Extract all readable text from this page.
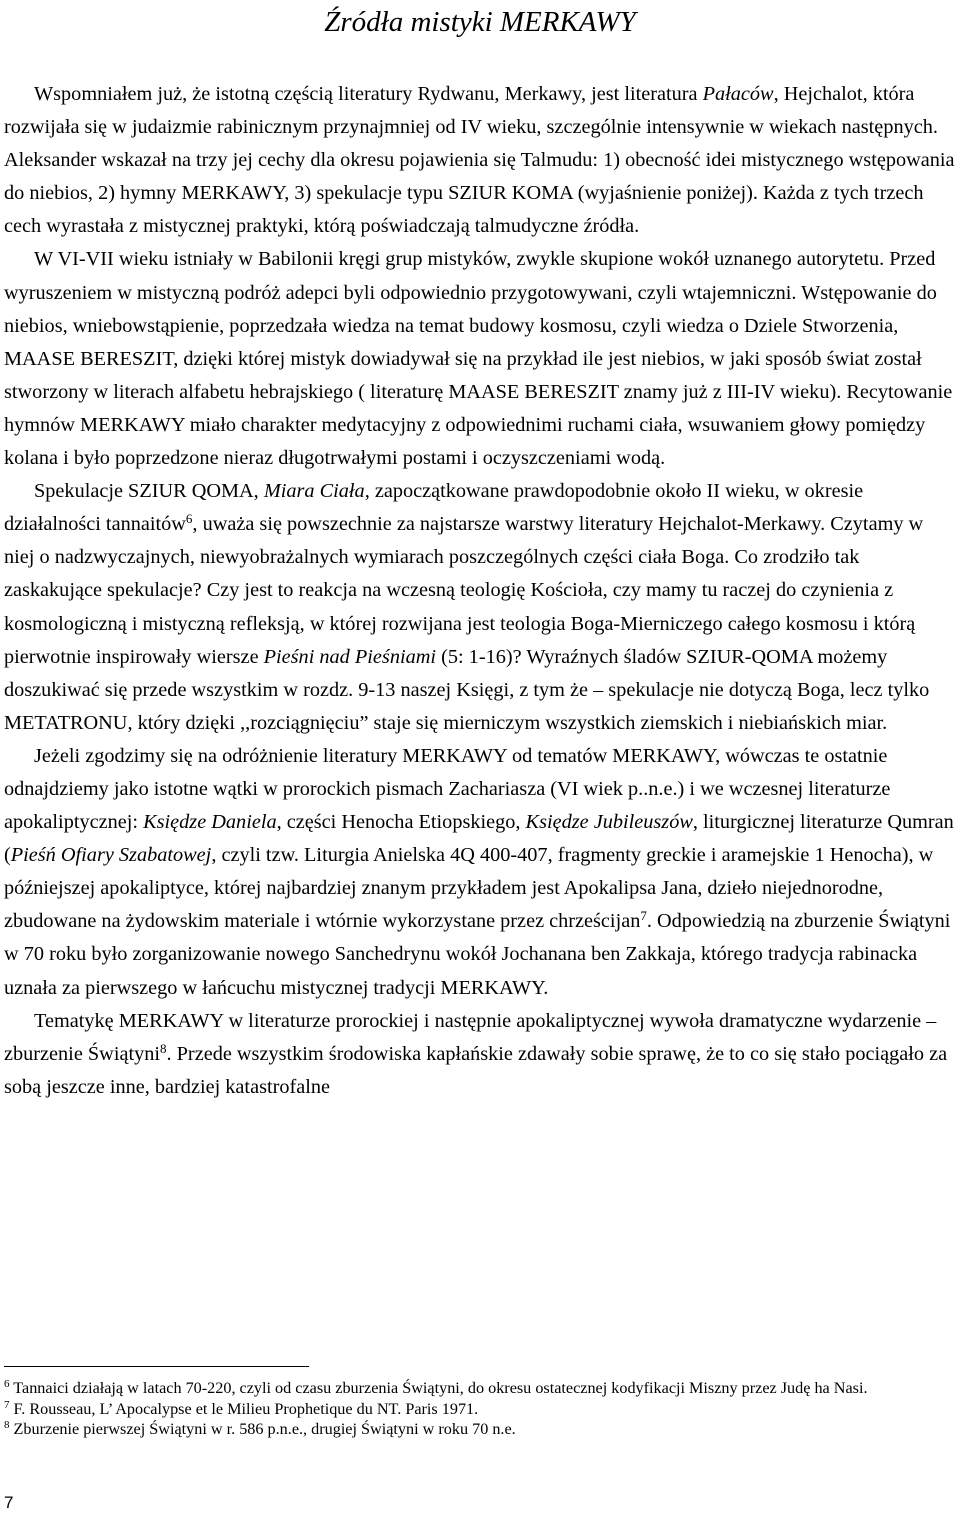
Źródła mistyki MERKAWY

Wspomniałem już, że istotną częścią literatury Rydwanu, Merkawy, jest literatura Pałaców, Hejchalot, która rozwijała się w judaizmie rabinicznym przynajmniej od IV wieku, szczególnie intensywnie w wiekach następnych. Aleksander wskazał na trzy jej cechy dla okresu pojawienia się Talmudu: 1) obecność idei mistycznego wstępowania do niebios, 2) hymny MERKAWY, 3) spekulacje typu SZIUR KOMA (wyjaśnienie poniżej). Każda z tych trzech cech wyrastała z mistycznej praktyki, którą poświadczają talmudyczne źródła.

W VI-VII wieku istniały w Babilonii kręgi grup mistyków, zwykle skupione wokół uznanego autorytetu. Przed wyruszeniem w mistyczną podróż adepci byli odpowiednio przygotowywani, czyli wtajemniczni. Wstępowanie do niebios, wniebowstąpienie, poprzedzała wiedza na temat budowy kosmosu, czyli wiedza o Dziele Stworzenia, MAASE BERESZIT, dzięki której mistyk dowiadywał się na przykład ile jest niebios, w jaki sposób świat został stworzony w literach alfabetu hebrajskiego ( literaturę MAASE BERESZIT znamy już z III-IV wieku). Recytowanie hymnów MERKAWY miało charakter medytacyjny z odpowiednimi ruchami ciała, wsuwaniem głowy pomiędzy kolana i było poprzedzone nieraz długotrwałymi postami i oczyszczeniami wodą.

Spekulacje SZIUR QOMA, Miara Ciała, zapoczątkowane prawdopodobnie około II wieku, w okresie działalności tannaitów$^6$, uważa się powszechnie za najstarsze warstwy literatury Hejchalot-Merkawy. Czytamy w niej o nadzwyczajnych, niewyobrażalnych wymiarach poszczególnych części ciała Boga. Co zrodziło tak zaskakujące spekulacje? Czy jest to reakcja na wczesną teologię Kościoła, czy mamy tu raczej do czynienia z kosmologiczną i mistyczną refleksją, w której rozwijana jest teologia Boga-Mierniczego całego kosmosu i którą pierwotnie inspirowały wiersze Pieśni nad Pieśniami (5: 1-16)? Wyraźnych śladów SZIUR-QOMA możemy doszukiwać się przede wszystkim w rozdz. 9-13 naszej Księgi, z tym że – spekulacje nie dotyczą Boga, lecz tylko METATRONU, który dzięki ,,rozciągnięciu” staje się mierniczym wszystkich ziemskich i niebiańskich miar.

Jeżeli zgodzimy się na odróżnienie literatury MERKAWY od tematów MERKAWY, wówczas te ostatnie odnajdziemy jako istotne wątki w prorockich pismach Zachariasza (VI wiek p..n.e.) i we wczesnej literaturze apokaliptycznej: Księdze Daniela, części Henocha Etiopskiego, Księdze Jubileuszów, liturgicznej literaturze Qumran (Pieśń Ofiary Szabatowej, czyli tzw. Liturgia Anielska 4Q 400-407, fragmenty greckie i aramejskie 1 Henocha), w późniejszej apokaliptyce, której najbardziej znanym przykładem jest Apokalipsa Jana, dzieło niejednorodne, zbudowane na żydowskim materiale i wtórnie wykorzystane przez chrześcijan$^7$. Odpowiedzią na zburzenie Świątyni w 70 roku było zorganizowanie nowego Sanchedrynu wokół Jochanana ben Zakkaja, którego tradycja rabinacka uznała za pierwszego w łańcuchu mistycznej tradycji MERKAWY.

Tematykę MERKAWY w literaturze prorockiej i następnie apokaliptycznej wywoła dramatyczne wydarzenie – zburzenie Świątyni$^8$. Przede wszystkim środowiska kapłańskie zdawały sobie sprawę, że to co się stało pociągało za sobą jeszcze inne, bardziej katastrofalne

$^6$ Tannaici działają w latach 70-220, czyli od czasu zburzenia Świątyni, do okresu ostatecznej kodyfikacji Miszny przez Judę ha Nasi.

$^7$ F. Rousseau, L’ Apocalypse et le Milieu Prophetique du NT. Paris 1971.

$^8$ Zburzenie pierwszej Świątyni w r. 586 p.n.e., drugiej Świątyni w roku 70 n.e.

7
